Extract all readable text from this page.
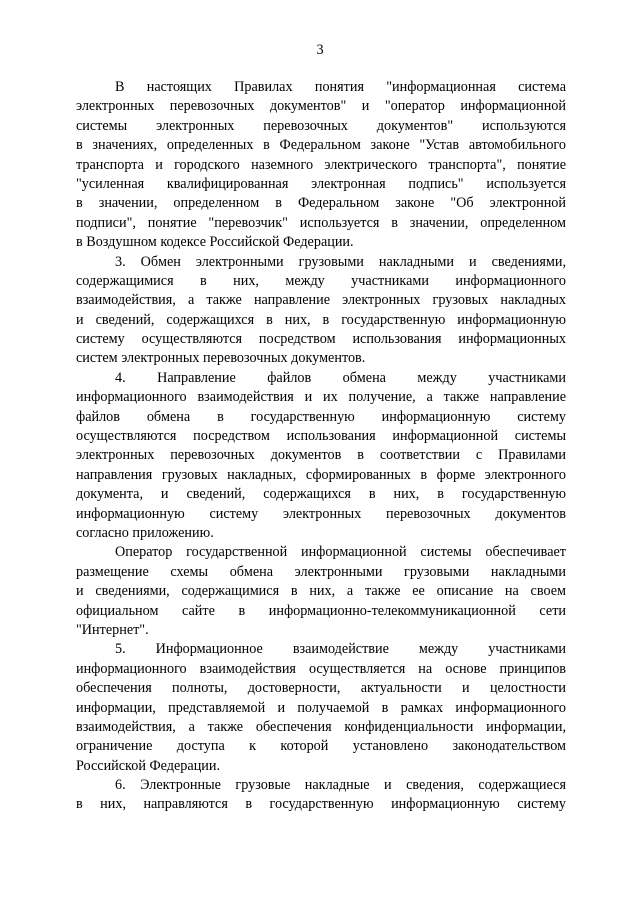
3
В настоящих Правилах понятия "информационная система
электронных перевозочных документов" и "оператор информационной
системы электронных перевозочных документов" используются
в значениях, определенных в Федеральном законе "Устав автомобильного
транспорта и городского наземного электрического транспорта", понятие
"усиленная квалифицированная электронная подпись" используется
в значении, определенном в Федеральном законе "Об электронной
подписи", понятие "перевозчик" используется в значении, определенном
в Воздушном кодексе Российской Федерации.
3. Обмен электронными грузовыми накладными и сведениями,
содержащимися в них, между участниками информационного
взаимодействия, а также направление электронных грузовых накладных
и сведений, содержащихся в них, в государственную информационную
систему осуществляются посредством использования информационных
систем электронных перевозочных документов.
4. Направление файлов обмена между участниками
информационного взаимодействия и их получение, а также направление
файлов обмена в государственную информационную систему
осуществляются посредством использования информационной системы
электронных перевозочных документов в соответствии с Правилами
направления грузовых накладных, сформированных в форме электронного
документа, и сведений, содержащихся в них, в государственную
информационную систему электронных перевозочных документов
согласно приложению.
Оператор государственной информационной системы обеспечивает
размещение схемы обмена электронными грузовыми накладными
и сведениями, содержащимися в них, а также ее описание на своем
официальном сайте в информационно-телекоммуникационной сети
"Интернет".
5. Информационное взаимодействие между участниками
информационного взаимодействия осуществляется на основе принципов
обеспечения полноты, достоверности, актуальности и целостности
информации, представляемой и получаемой в рамках информационного
взаимодействия, а также обеспечения конфиденциальности информации,
ограничение доступа к которой установлено законодательством
Российской Федерации.
6. Электронные грузовые накладные и сведения, содержащиеся
в них, направляются в государственную информационную систему
